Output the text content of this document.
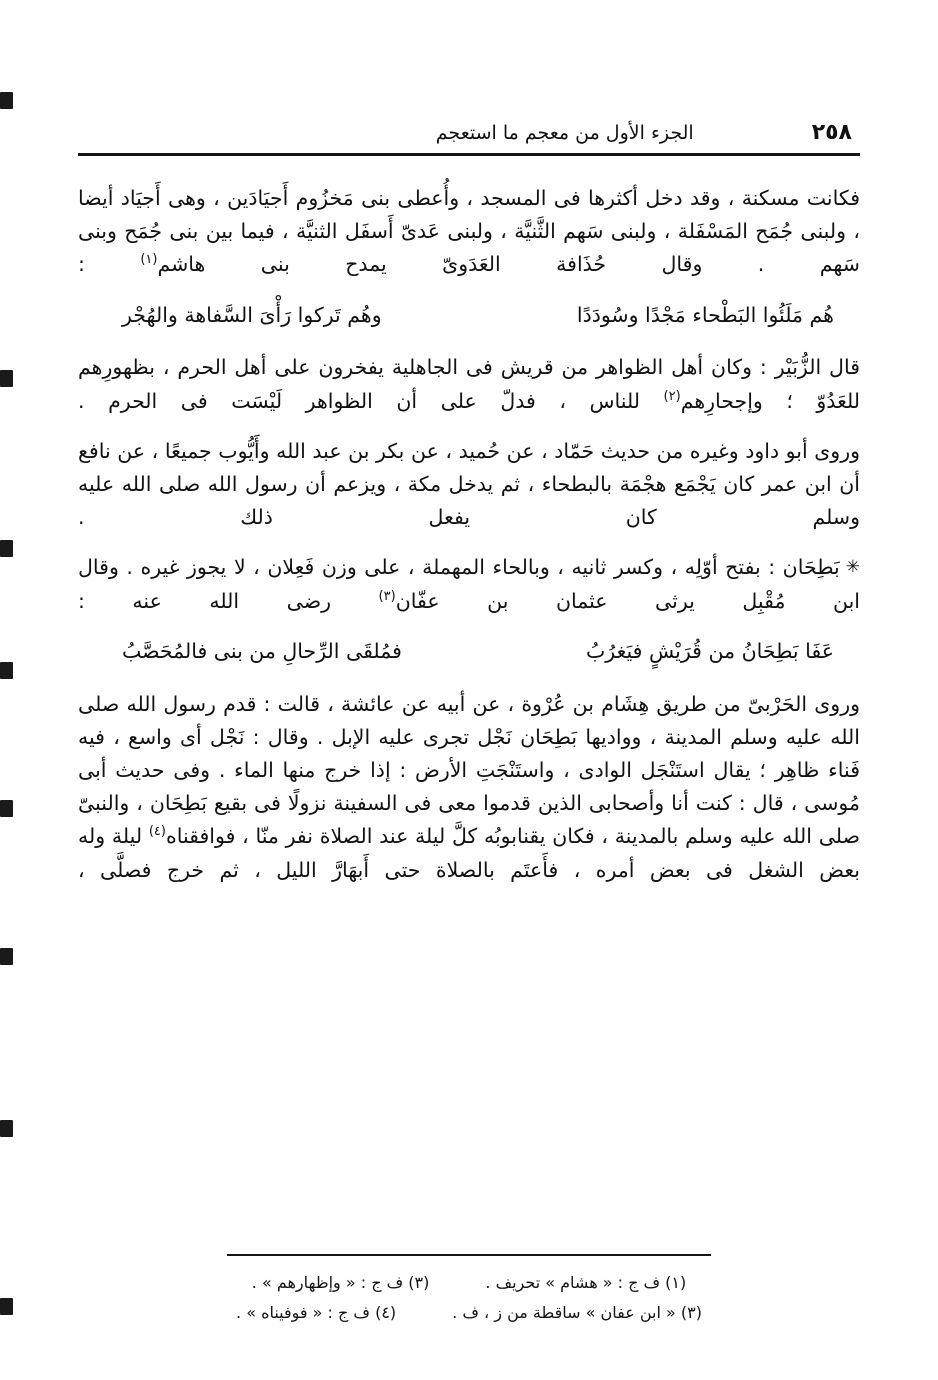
٢٥٨
الجزء الأول من معجم ما استعجم

فكانت مسكنة ، وقد دخل أكثرها فى المسجد ، وأُعطى بنى مَخزُوم أَجيَادَين ، وهى أَجيَاد أيضا ، ولبنى جُمَح المَسْفَلة ، ولبنى سَهم الثَّنيَّة ، ولبنى عَدىّ أَسفَل الثنيَّة ، فيما بين بنى جُمَح وبنى سَهم . وقال حُذَافة العَدَوىّ يمدح بنى هاشم$^{(١)}$ :

هُم مَلَئُوا البَطْحاء مَجْدًا وسُودَدًا
وهُم تَركوا رَأْىَ السَّفاهة والهُجْر

قال الزُّبَيْر : وكان أهل الظواهر من قريش فى الجاهلية يفخرون على أهل الحرم ، بظهورِهم للعَدُوّ ؛ وإجحارِهم$^{(٢)}$ للناس ، فدلّ على أن الظواهر لَيْسَت فى الحرم .

وروى أبو داود وغيره من حديث حَمّاد ، عن حُميد ، عن بكر بن عبد الله وأَيُّوب جميعًا ، عن نافع أن ابن عمر كان يَجْمَع هجْمَة بالبطحاء ، ثم يدخل مكة ، ويزعم أن رسول الله صلى الله عليه وسلم كان يفعل ذلك .

✳بَطِحَان : بفتح أوّلِه ، وكسر ثانيه ، وبالحاء المهملة ، على وزن فَعِلان ، لا يجوز غيره . وقال ابن مُقْبِل يرثى عثمان بن عفّان$^{(٣)}$ رضى الله عنه :

عَفَا بَطِحَانُ من قُرَيْشٍ فيَغرُبُ
فمُلقَى الرِّحالِ من بنى فالمُحَصَّبُ

وروى الحَرْبىّ من طريق هِشَام بن عُرْوة ، عن أبيه عن عائشة ، قالت : قدم رسول الله صلى الله عليه وسلم المدينة ، وواديها بَطِحَان نَجْل تجرى عليه الإبل . وقال : نَجْل أى واسع ، فيه فَناء ظاهِر ؛ يقال استَنْجَل الوادى ، واستَنْجَتِ الأرض : إذا خرج منها الماء . وفى حديث أبى مُوسى ، قال : كنت أنا وأصحابى الذين قدموا معى فى السفينة نزولًا فى بقيع بَطِحَان ، والنبىّ صلى الله عليه وسلم بالمدينة ، فكان يقنابوبُه كلَّ ليلة عند الصلاة نفر منّا ، فوافقناه$^{(٤)}$ ليلة وله بعض الشغل فى بعض أمره ، فأَعتَم بالصلاة حتى أَبهَارَّ الليل ، ثم خرج فصلَّى ،

(١) ف ج : « هشام » تحريف .
(٣) ف ج : « وإظهارهم » .
(٣) « ابن عفان » ساقطة من ز ، ف .
(٤) ف ج : « فوفيناه » .
